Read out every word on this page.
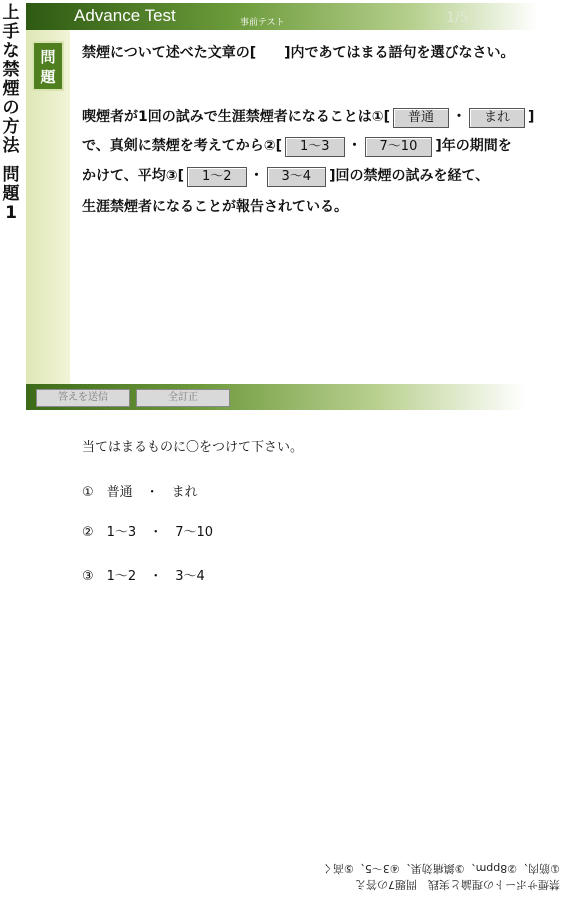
上手な禁煙の方法
問題1
Advance Test	事前テスト	1/5
問題
禁煙について述べた文章の[　　]内であてはまる語句を選びなさい。
喫煙者が1回の試みで生涯禁煙者になることは①[ 普通 ・ まれ ]
で、真剣に禁煙を考えてから②[ 1〜3 ・ 7〜10 ]年の期間を
かけて、平均③[ 1〜2 ・ 3〜4 ]回の禁煙の試みを経て、
生涯禁煙者になることが報告されている。
答えを送信	全訂正
当てはまるものに〇をつけて下さい。
①　普通　・　まれ
②　1〜3　・　7〜10
③　1〜2　・　3〜4
禁煙サポートの理論と実践　問題7の答え
①筋肉、②8ppm、③鎮痛効果、④3〜5、⑤高く
